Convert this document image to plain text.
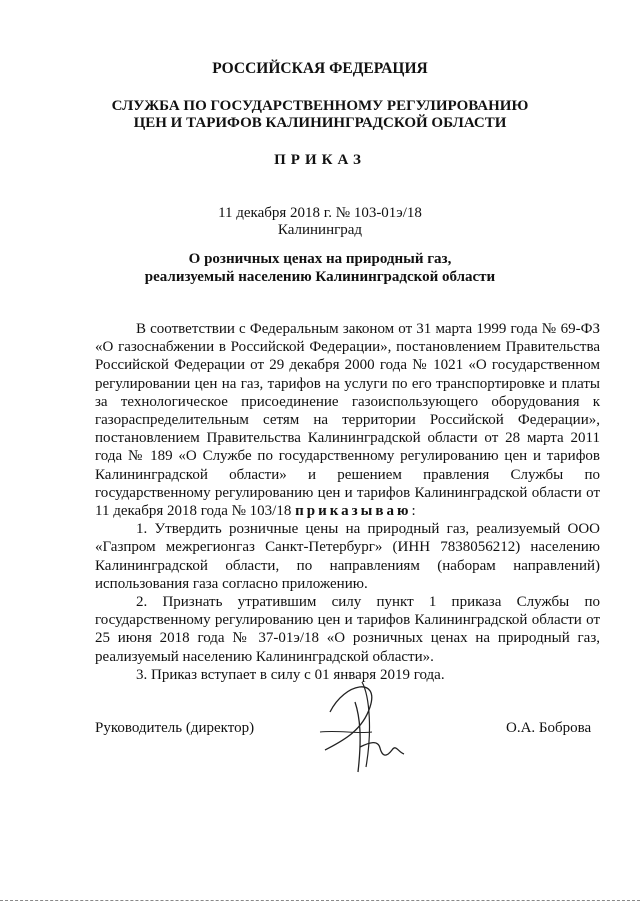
РОССИЙСКАЯ ФЕДЕРАЦИЯ
СЛУЖБА ПО ГОСУДАРСТВЕННОМУ РЕГУЛИРОВАНИЮ
ЦЕН И ТАРИФОВ КАЛИНИНГРАДСКОЙ ОБЛАСТИ
ПРИКАЗ
11 декабря 2018 г. № 103-01э/18
Калининград
О розничных ценах на природный газ,
реализуемый населению Калининградской области

В соответствии с Федеральным законом от 31 марта 1999 года № 69-ФЗ «О газоснабжении в Российской Федерации», постановлением Правительства Российской Федерации от 29 декабря 2000 года № 1021 «О государственном регулировании цен на газ, тарифов на услуги по его транспортировке и платы за технологическое присоединение газоиспользующего оборудования к газораспределительным сетям на территории Российской Федерации», постановлением Правительства Калининградской области от 28 марта 2011 года № 189 «О Службе по государственному регулированию цен и тарифов Калининградской области» и решением правления Службы по государственному регулированию цен и тарифов Калининградской области от 11 декабря 2018 года № 103/18 приказываю:

1. Утвердить розничные цены на природный газ, реализуемый ООО «Газпром межрегионгаз Санкт-Петербург» (ИНН 7838056212) населению Калининградской области, по направлениям (наборам направлений) использования газа согласно приложению.

2. Признать утратившим силу пункт 1 приказа Службы по государственному регулированию цен и тарифов Калининградской области от 25 июня 2018 года № 37-01э/18 «О розничных ценах на природный газ, реализуемый населению Калининградской области».

3. Приказ вступает в силу с 01 января 2019 года.

Руководитель (директор)	О.А. Боброва
